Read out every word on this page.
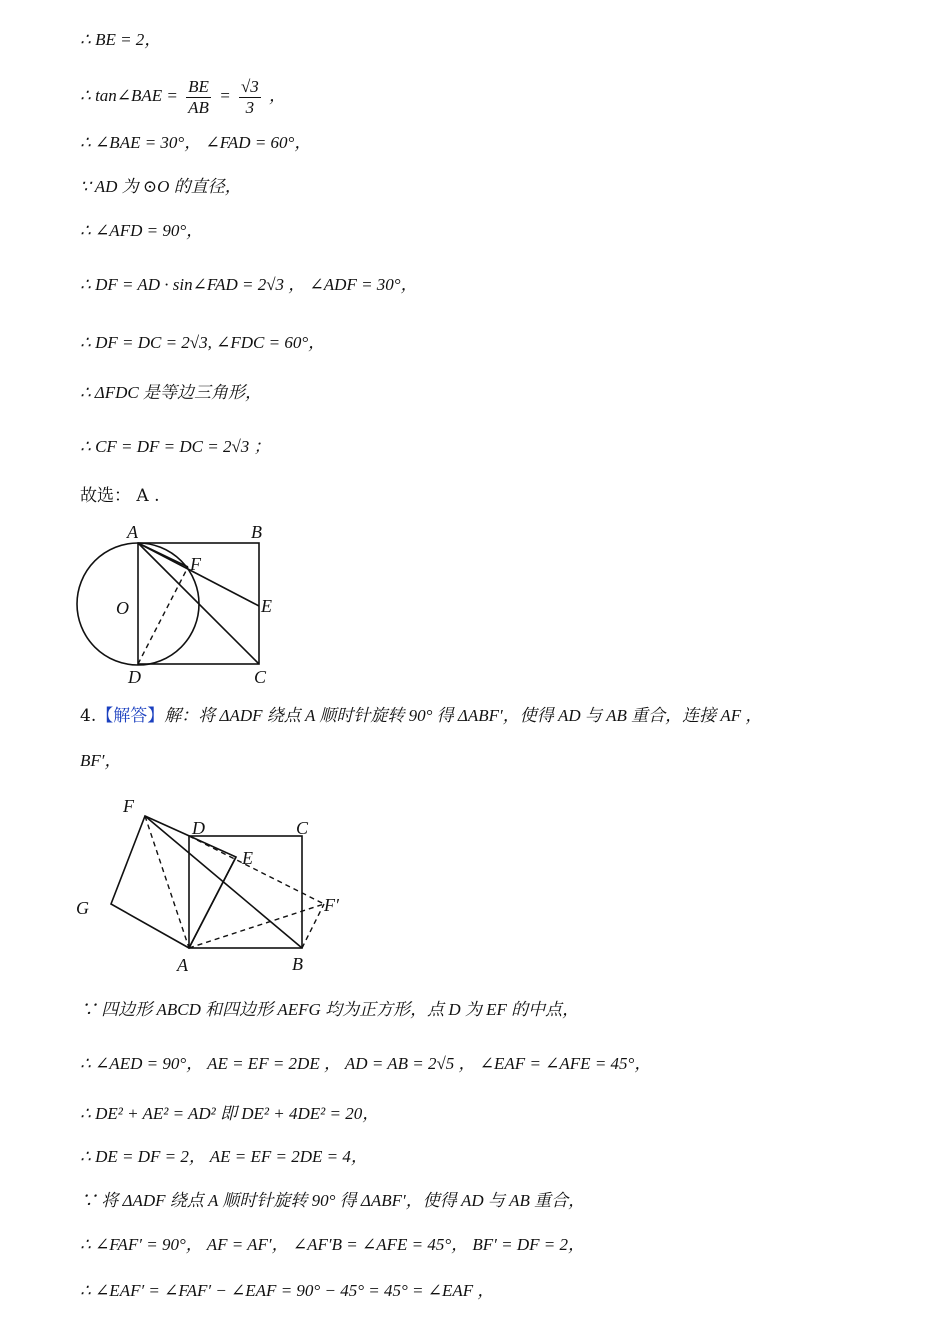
∴ BE = 2，
∴ tan∠BAE = $\frac{BE}{AB} = \frac{√3}{3}$ ，
∴ ∠BAE = 30°， ∠FAD = 60°，
∵ AD 为 ⊙O 的直径，
∴ ∠AFD = 90°，
∴ DF = AD · sin∠FAD = 2√3 ， ∠ADF = 30°，
∴ DF = DC = 2√3, ∠FDC = 60°，
∴ ΔFDC 是等边三角形，
∴ CF = DF = DC = 2√3 ；
故选： A .
A	B
C
D
E
F
O
4.【解答】解：将 ΔADF 绕点 A 顺时针旋转 90° 得 ΔABF′，使得 AD 与 AB 重合，连接 AF ，
BF′，
F
D	C
E
G	F′
A	B
∵ 四边形 ABCD 和四边形 AEFG 均为正方形，点 D 为 EF 的中点，
∴ ∠AED = 90°， AE = EF = 2DE ， AD = AB = 2√5 ， ∠EAF = ∠AFE = 45°，
∴ DE² + AE² = AD² 即 DE² + 4DE² = 20，
∴ DE = DF = 2， AE = EF = 2DE = 4，
∵ 将 ΔADF 绕点 A 顺时针旋转 90° 得 ΔABF′，使得 AD 与 AB 重合，
∴ ∠FAF′ = 90°， AF = AF′， ∠AF′B = ∠AFE = 45°， BF′ = DF = 2，
∴ ∠EAF′ = ∠FAF′ − ∠EAF = 90° − 45° = 45° = ∠EAF ，
